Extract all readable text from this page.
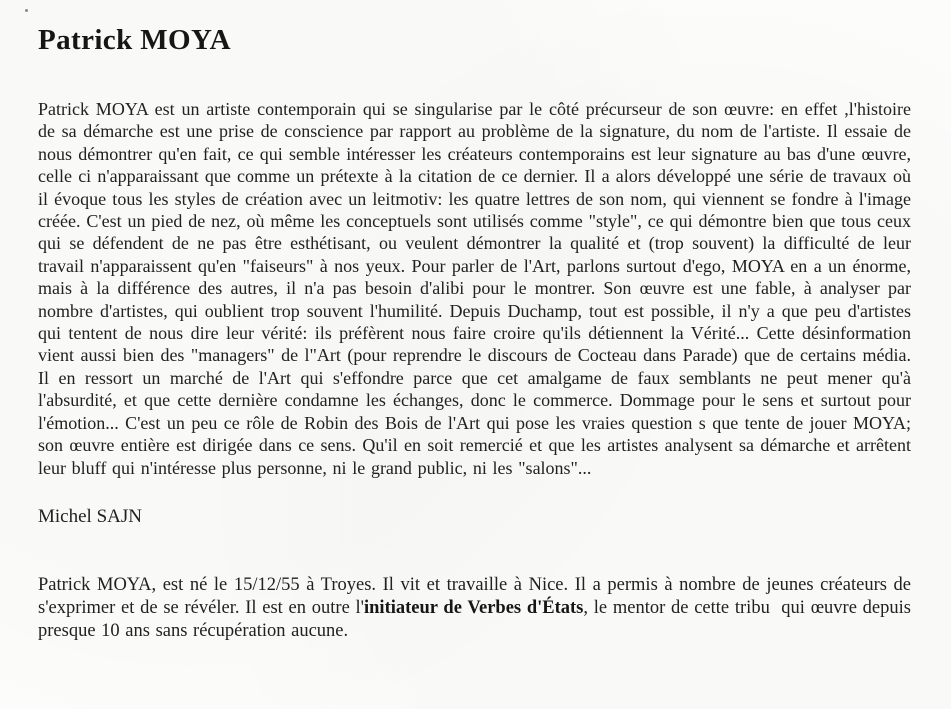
Patrick MOYA

Patrick MOYA est un artiste contemporain qui se singularise par le côté précurseur de son œuvre: en effet ,l'histoire de sa démarche est une prise de conscience par rapport au problème de la signature, du nom de l'artiste. Il essaie de nous démontrer qu'en fait, ce qui semble intéresser les créateurs contemporains est leur signature au bas d'une œuvre, celle ci n'apparaissant que comme un prétexte à la citation de ce dernier. Il a alors développé une série de travaux où il évoque tous les styles de création avec un leitmotiv: les quatre lettres de son nom, qui viennent se fondre à l'image créée. C'est un pied de nez, où même les conceptuels sont utilisés comme "style", ce qui démontre bien que tous ceux qui se défendent de ne pas être esthétisant, ou veulent démontrer la qualité et (trop souvent) la difficulté de leur travail n'apparaissent qu'en "faiseurs" à nos yeux. Pour parler de l'Art, parlons surtout d'ego, MOYA en a un énorme, mais à la différence des autres, il n'a pas besoin d'alibi pour le montrer. Son œuvre est une fable, à analyser par nombre d'artistes, qui oublient trop souvent l'humilité. Depuis Duchamp, tout est possible, il n'y a que peu d'artistes qui tentent de nous dire leur vérité: ils préfèrent nous faire croire qu'ils détiennent la Vérité... Cette désinformation vient aussi bien des "managers" de l"Art (pour reprendre le discours de Cocteau dans Parade) que de certains média. Il en ressort un marché de l'Art qui s'effondre parce que cet amalgame de faux semblants ne peut mener qu'à l'absurdité, et que cette dernière condamne les échanges, donc le commerce. Dommage pour le sens et surtout pour l'émotion... C'est un peu ce rôle de Robin des Bois de l'Art qui pose les vraies question s que tente de jouer MOYA; son œuvre entière est dirigée dans ce sens. Qu'il en soit remercié et que les artistes analysent sa démarche et arrêtent leur bluff qui n'intéresse plus personne, ni le grand public, ni les "salons"...

Michel SAJN

Patrick MOYA, est né le 15/12/55 à Troyes. Il vit et travaille à Nice. Il a permis à nombre de jeunes créateurs de s'exprimer et de se révéler. Il est en outre l'initiateur de Verbes d'États, le mentor de cette tribu  qui œuvre depuis presque 10 ans sans récupération aucune.
